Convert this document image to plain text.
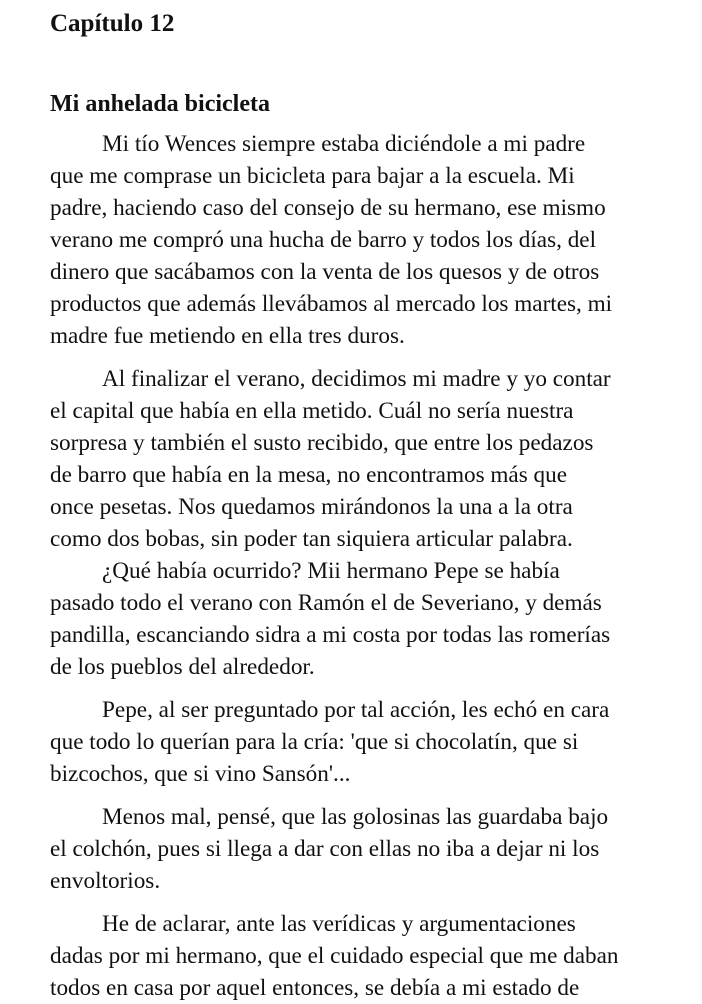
Capítulo 12
Mi anhelada bicicleta

Mi tío Wences siempre estaba diciéndole a mi padre
que me comprase un bicicleta para bajar a la escuela. Mi
padre, haciendo caso del consejo de su hermano, ese mismo
verano me compró una hucha de barro y todos los días, del
dinero que sacábamos con la venta de los quesos y de otros
productos que además llevábamos al mercado los martes, mi
madre fue metiendo en ella tres duros.

Al finalizar el verano, decidimos mi madre y yo contar
el capital que había en ella metido. Cuál no sería nuestra
sorpresa y también el susto recibido, que entre los pedazos
de barro que había en la mesa, no encontramos más que
once pesetas. Nos quedamos mirándonos la una a la otra
como dos bobas, sin poder tan siquiera articular palabra.

¿Qué había ocurrido? Mii hermano Pepe se había
pasado todo el verano con Ramón el de Severiano, y demás
pandilla, escanciando sidra a mi costa por todas las romerías
de los pueblos del alrededor.

Pepe, al ser preguntado por tal acción, les echó en cara
que todo lo querían para la cría: 'que si chocolatín, que si
bizcochos, que si vino Sansón'...

Menos mal, pensé, que las golosinas las guardaba bajo
el colchón, pues si llega a dar con ellas no iba a dejar ni los
envoltorios.

He de aclarar, ante las verídicas y argumentaciones
dadas por mi hermano, que el cuidado especial que me daban
todos en casa por aquel entonces, se debía a mi estado de
